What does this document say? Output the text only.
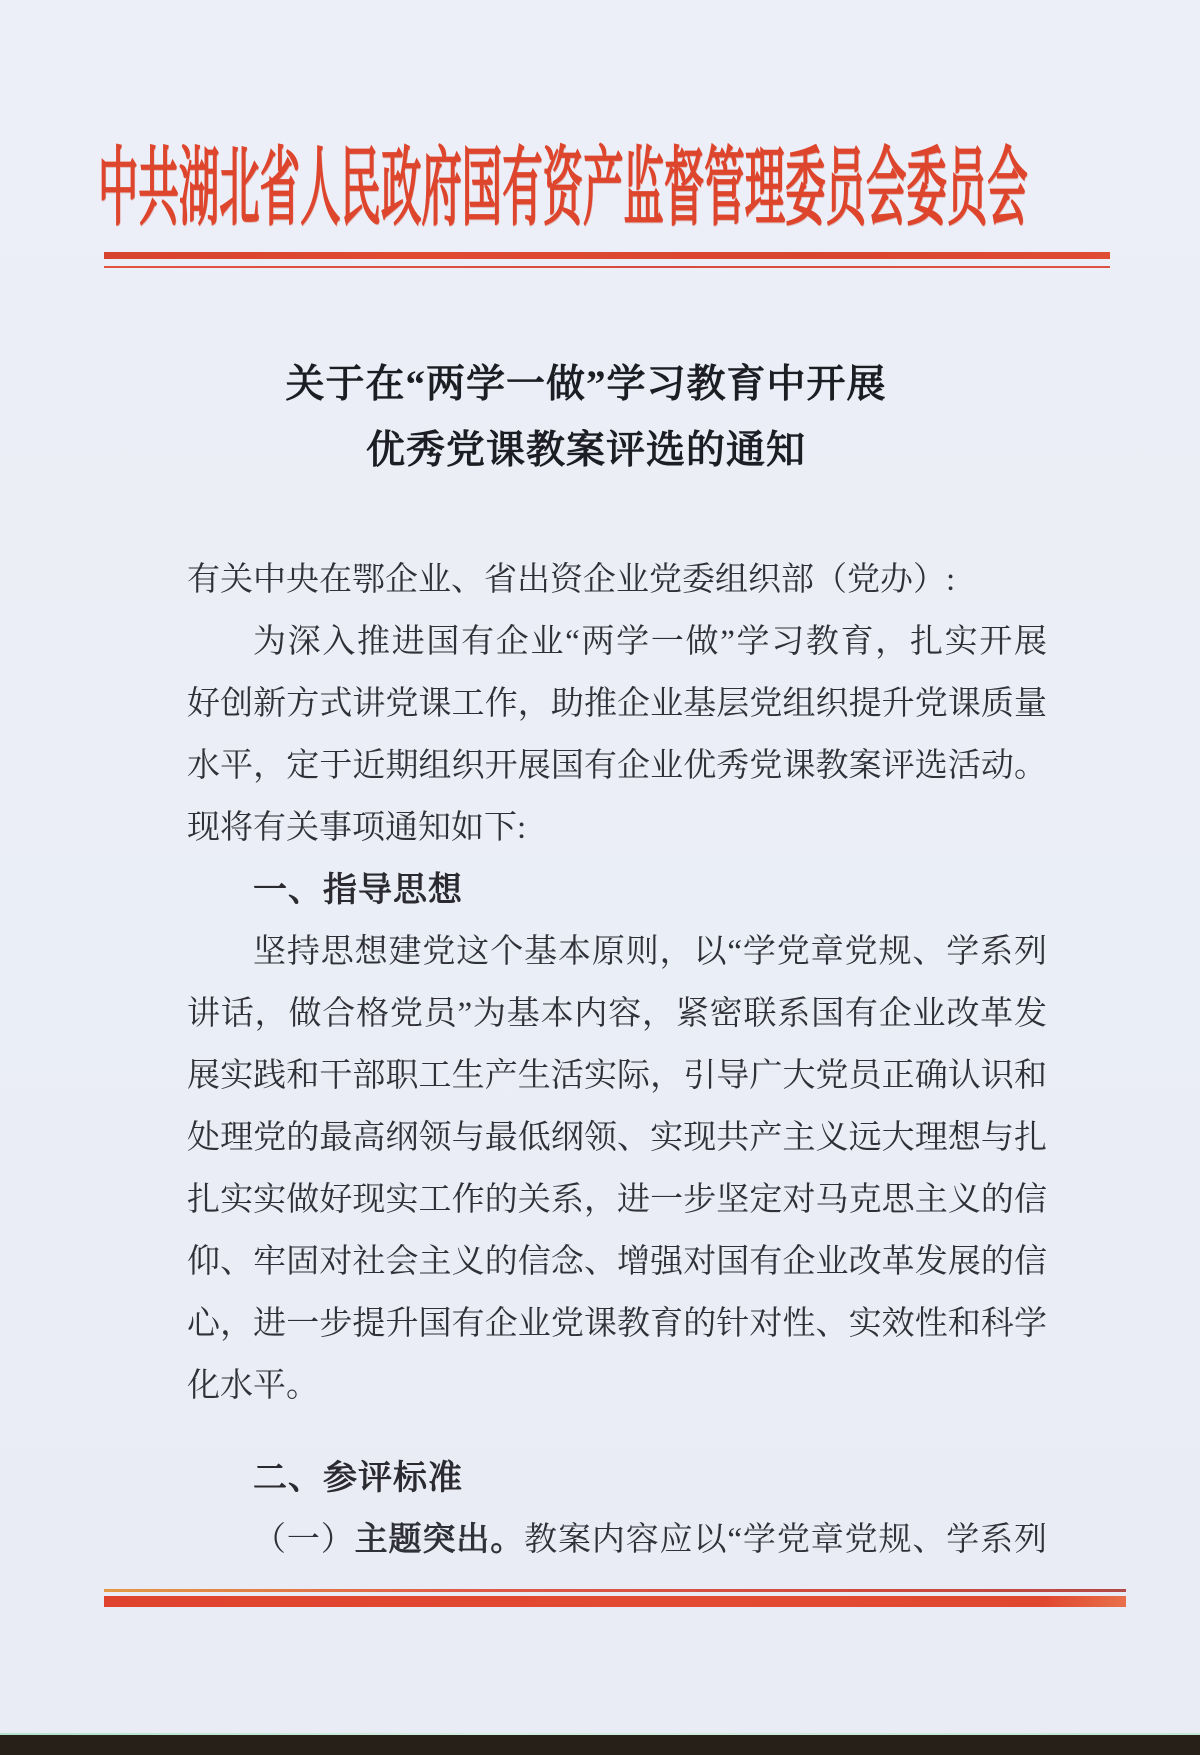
中共湖北省人民政府国有资产监督管理委员会委员会
关于在“两学一做”学习教育中开展
优秀党课教案评选的通知
有关中央在鄂企业、省出资企业党委组织部（党办）:
为深入推进国有企业“两学一做”学习教育，扎实开展
好创新方式讲党课工作，助推企业基层党组织提升党课质量
水平，定于近期组织开展国有企业优秀党课教案评选活动。
现将有关事项通知如下:
一、指导思想
坚持思想建党这个基本原则，以“学党章党规、学系列
讲话，做合格党员”为基本内容，紧密联系国有企业改革发
展实践和干部职工生产生活实际，引导广大党员正确认识和
处理党的最高纲领与最低纲领、实现共产主义远大理想与扎
扎实实做好现实工作的关系，进一步坚定对马克思主义的信
仰、牢固对社会主义的信念、增强对国有企业改革发展的信
心，进一步提升国有企业党课教育的针对性、实效性和科学
化水平。
二、参评标准
（一）主题突出。教案内容应以“学党章党规、学系列
